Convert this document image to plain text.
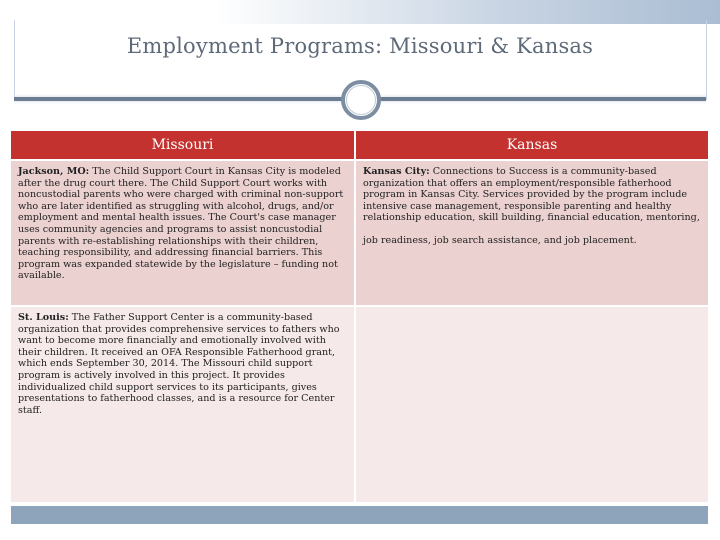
Employment Programs: Missouri & Kansas
Missouri	Kansas
Jackson, MO: The Child Support Court in Kansas City is modeled after the drug court there. The Child Support Court works with noncustodial parents who were charged with criminal non-support who are later identified as struggling with alcohol, drugs, and/or employment and mental health issues. The Court's case manager uses community agencies and programs to assist noncustodial parents with re-establishing relationships with their children, teaching responsibility, and addressing financial barriers. This program was expanded statewide by the legislature – funding not available.

Kansas City: Connections to Success is a community-based organization that offers an employment/responsible fatherhood program in Kansas City. Services provided by the program include intensive case management, responsible parenting and healthy relationship education, skill building, financial education, mentoring,

job readiness, job search assistance, and job placement.

St. Louis: The Father Support Center is a community-based organization that provides comprehensive services to fathers who want to become more financially and emotionally involved with their children. It received an OFA Responsible Fatherhood grant, which ends September 30, 2014. The Missouri child support program is actively involved in this project. It provides individualized child support services to its participants, gives presentations to fatherhood classes, and is a resource for Center staff.
